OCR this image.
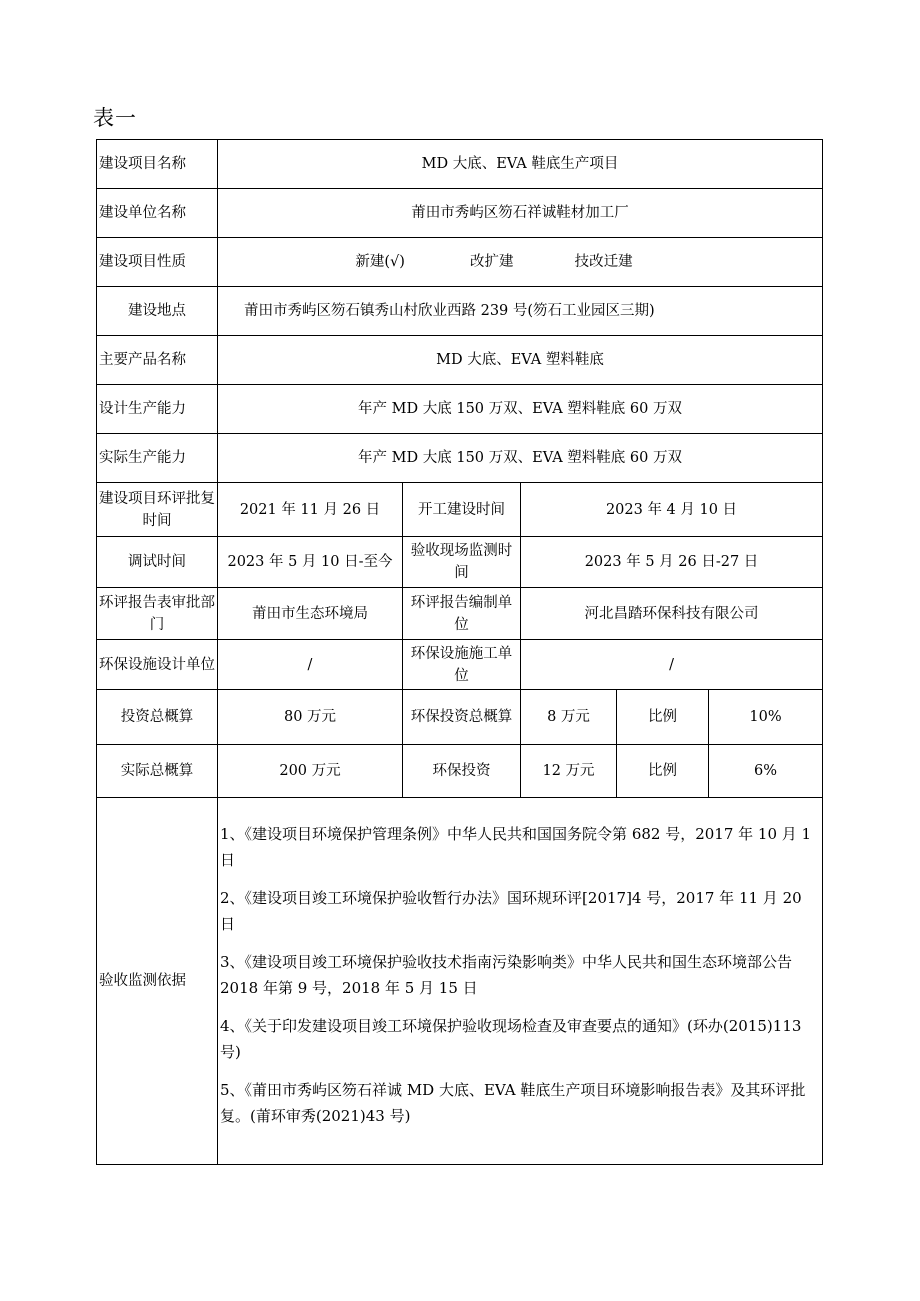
表一
建设项目名称	MD 大底、EVA 鞋底生产项目				
建设单位名称	莆田市秀屿区笏石祥诚鞋材加工厂				
建设项目性质	新建(√) 改扩建 技改迁建				
建设地点	莆田市秀屿区笏石镇秀山村欣业西路 239 号(笏石工业园区三期)				
主要产品名称	MD 大底、EVA 塑料鞋底				
设计生产能力	年产 MD 大底 150 万双、EVA 塑料鞋底 60 万双				
实际生产能力	年产 MD 大底 150 万双、EVA 塑料鞋底 60 万双				
建设项目环评批复时间	2021 年 11 月 26 日	开工建设时间	2023 年 4 月 10 日		
调试时间	2023 年 5 月 10 日-至今	验收现场监测时间	2023 年 5 月 26 日-27 日		
环评报告表审批部门	莆田市生态环境局	环评报告编制单位	河北昌踏环保科技有限公司		
环保设施设计单位	/	环保设施施工单位	/		
投资总概算	80 万元	环保投资总概算	8 万元	比例	10%
实际总概算	200 万元	环保投资	12 万元	比例	6%
验收监测依据	1、《建设项目环境保护管理条例》中华人民共和国国务院令第 682 号，2017 年 10 月 1 日
2、《建设项目竣工环境保护验收暂行办法》国环规环评[2017]4 号，2017 年 11 月 20 日
3、《建设项目竣工环境保护验收技术指南污染影响类》中华人民共和国生态环境部公告 2018 年第 9 号，2018 年 5 月 15 日
4、《关于印发建设项目竣工环境保护验收现场检查及审查要点的通知》(环办(2015)113 号)
5、《莆田市秀屿区笏石祥诚 MD 大底、EVA 鞋底生产项目环境影响报告表》及其环评批复。(莆环审秀(2021)43 号)				
